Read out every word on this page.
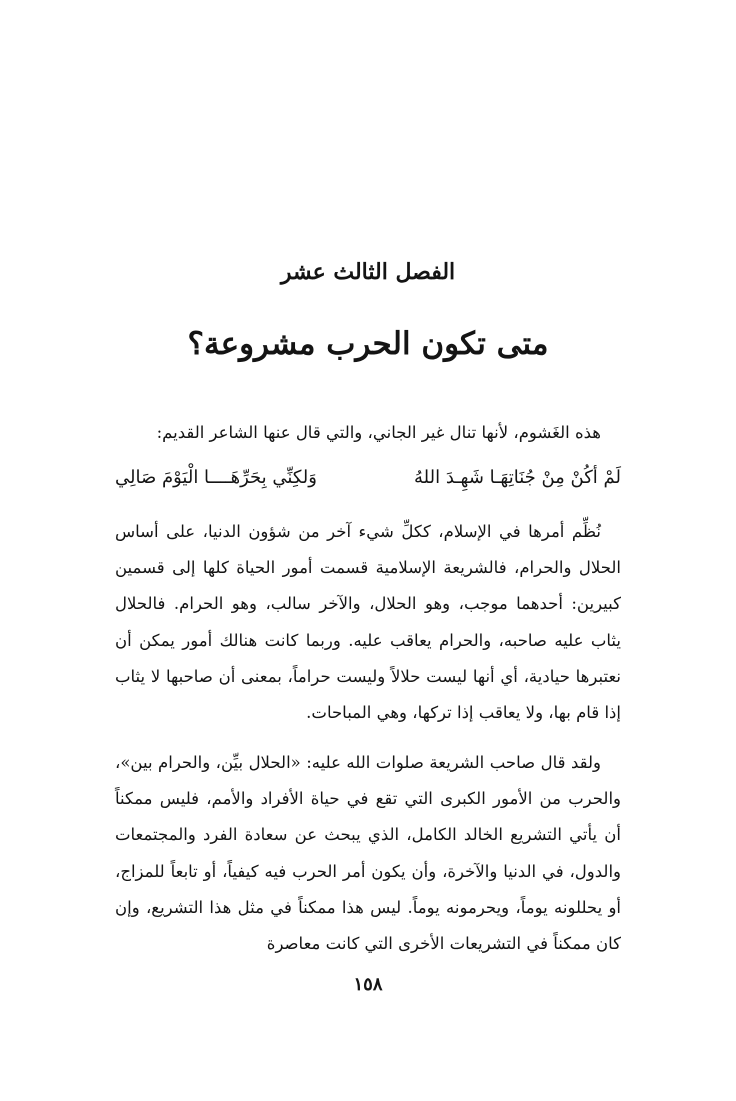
الفصل الثالث عشر
متى تكون الحرب مشروعة؟
هذه الغَشوم، لأنها تنال غير الجاني، والتي قال عنها الشاعر القديم:
لَمْ أكُنْ مِنْ جُنَاتِهَـا شَهِـدَ اللهُ
وَلكِنِّي بِحَرِّهَــــا الْيَوْمَ صَالِي
نُظِّم أمرها في الإسلام، ككلِّ شيء آخر من شؤون الدنيا، على أساس الحلال والحرام، فالشريعة الإسلامية قسمت أمور الحياة كلها إلى قسمين كبيرين: أحدهما موجب، وهو الحلال، والآخر سالب، وهو الحرام. فالحلال يثاب عليه صاحبه، والحرام يعاقب عليه. وربما كانت هنالك أمور يمكن أن نعتبرها حيادية، أي أنها ليست حلالاً وليست حراماً، بمعنى أن صاحبها لا يثاب إذا قام بها، ولا يعاقب إذا تركها، وهي المباحات.
ولقد قال صاحب الشريعة صلوات الله عليه: «الحلال بيِّن، والحرام بين»، والحرب من الأمور الكبرى التي تقع في حياة الأفراد والأمم، فليس ممكناً أن يأتي التشريع الخالد الكامل، الذي يبحث عن سعادة الفرد والمجتمعات والدول، في الدنيا والآخرة، وأن يكون أمر الحرب فيه كيفياً، أو تابعاً للمزاج، أو يحللونه يوماً، ويحرمونه يوماً. ليس هذا ممكناً في مثل هذا التشريع، وإن كان ممكناً في التشريعات الأخرى التي كانت معاصرة
١٥٨
